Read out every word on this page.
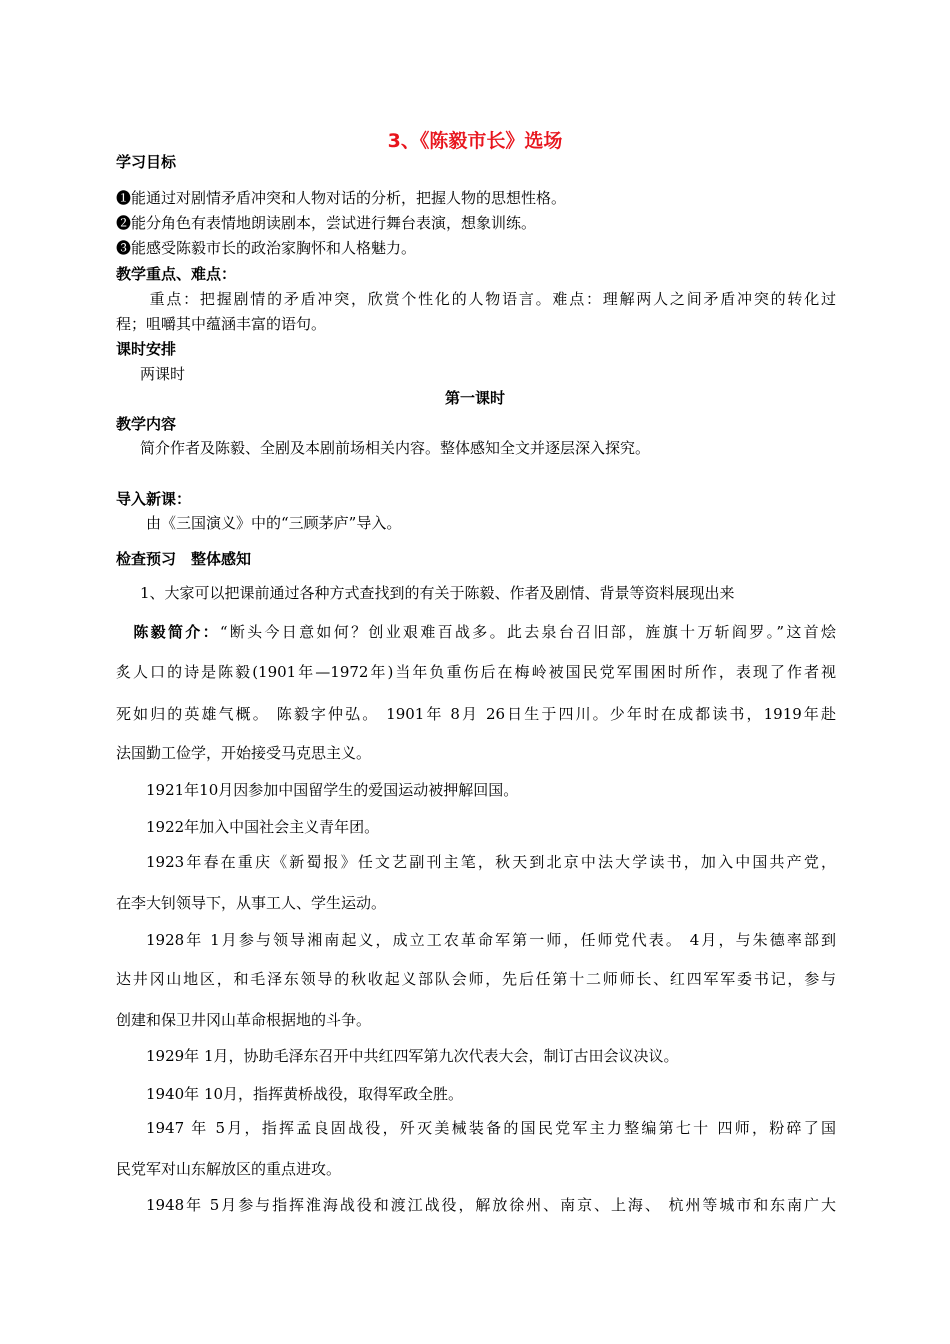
3、《陈毅市长》选场
学习目标
❶能通过对剧情矛盾冲突和人物对话的分析，把握人物的思想性格。
❷能分角色有表情地朗读剧本，尝试进行舞台表演，想象训练。
❸能感受陈毅市长的政治家胸怀和人格魅力。
教学重点、难点：
　　重点：把握剧情的矛盾冲突，欣赏个性化的人物语言。难点：理解两人之间矛盾冲突的转化过
程；咀嚼其中蕴涵丰富的语句。
课时安排
两课时
第一课时
教学内容
简介作者及陈毅、全剧及本剧前场相关内容。整体感知全文并逐层深入探究。
导入新课：
由《三国演义》中的“三顾茅庐”导入。
检查预习　整体感知
1、大家可以把课前通过各种方式查找到的有关于陈毅、作者及剧情、背景等资料展现出来
　陈毅简介：“断头今日意如何？创业艰难百战多。此去泉台召旧部，旌旗十万斩阎罗。”这首烩
炙人口的诗是陈毅(1901年—1972年)当年负重伤后在梅岭被国民党军围困时所作，表现了作者视
死如归的英雄气概。 陈毅字仲弘。 1901年 8月 26日生于四川。少年时在成都读书，1919年赴
法国勤工俭学，开始接受马克思主义。
1921年10月因参加中国留学生的爱国运动被押解回国。
1922年加入中国社会主义青年团。
1923年春在重庆《新蜀报》任文艺副刊主笔，秋天到北京中法大学读书，加入中国共产党，
在李大钊领导下，从事工人、学生运动。
1928年 1月参与领导湘南起义，成立工农革命军第一师，任师党代表。 4月，与朱德率部到
达井冈山地区，和毛泽东领导的秋收起义部队会师，先后任第十二师师长、红四军军委书记，参与
创建和保卫井冈山革命根据地的斗争。
1929年 1月，协助毛泽东召开中共红四军第九次代表大会，制订古田会议决议。
1940年 10月，指挥黄桥战役，取得军政全胜。
1947 年 5月，指挥孟良固战役，歼灭美械装备的国民党军主力整编第七十 四师，粉碎了国
民党军对山东解放区的重点进攻。
1948年 5月参与指挥淮海战役和渡江战役，解放徐州、南京、上海、 杭州等城市和东南广大
